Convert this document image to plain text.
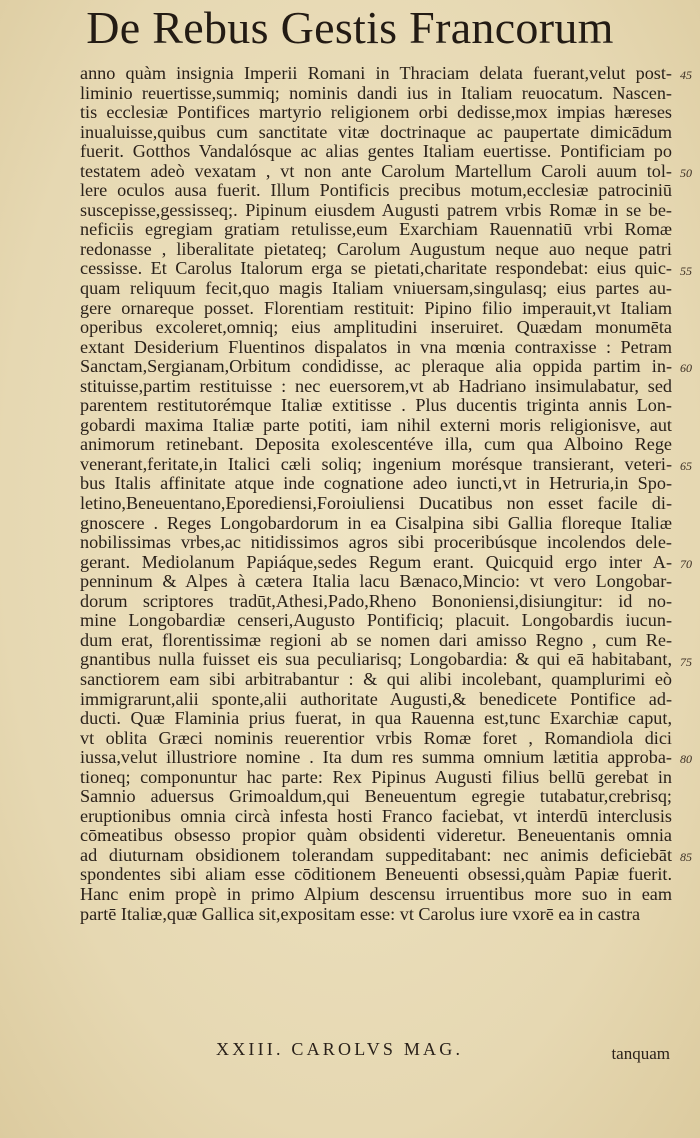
De Rebus Gestis Francorum
anno quàm insignia Imperii Romani in Thraciam delata fuerant,velut post-
liminio reuertisse,summiq; nominis dandi ius in Italiam reuocatum. Nascen-
tis ecclesiæ Pontifices martyrio religionem orbi dedisse,mox impias hæreses
inualuisse,quibus cum sanctitate vitæ doctrinaque ac paupertate dimicādum
fuerit. Gotthos Vandalósque ac alias gentes Italiam euertisse. Pontificiam po
testatem adeò vexatam , vt non ante Carolum Martellum Caroli auum tol-
lere oculos ausa fuerit. Illum Pontificis precibus motum,ecclesiæ patrociniū
suscepisse,gessisseq;. Pipinum eiusdem Augusti patrem vrbis Romæ in se be-
neficiis egregiam gratiam retulisse,eum Exarchiam Rauennatiū vrbi Romæ
redonasse , liberalitate pietateq; Carolum Augustum neque auo neque patri
cessisse. Et Carolus Italorum erga se pietati,charitate respondebat: eius quic-
quam reliquum fecit,quo magis Italiam vniuersam,singulasq; eius partes au-
gere ornareque posset. Florentiam restituit: Pipino filio imperauit,vt Italiam
operibus excoleret,omniq; eius amplitudini inseruiret. Quædam monumēta
extant Desiderium Fluentinos dispalatos in vna mœnia contraxisse : Petram
Sanctam,Sergianam,Orbitum condidisse, ac pleraque alia oppida partim in-
stituisse,partim restituisse : nec euersorem,vt ab Hadriano insimulabatur, sed
parentem restitutorémque Italiæ extitisse . Plus ducentis triginta annis Lon-
gobardi maxima Italiæ parte potiti, iam nihil externi moris religionisve, aut
animorum retinebant. Deposita exolescentéve illa, cum qua Alboino Rege
venerant,feritate,in Italici cæli soliq; ingenium morésque transierant, veteri-
bus Italis affinitate atque inde cognatione adeo iuncti,vt in Hetruria,in Spo-
letino,Beneuentano,Eporediensi,Foroiuliensi Ducatibus non esset facile di-
gnoscere . Reges Longobardorum in ea Cisalpina sibi Gallia floreque Italiæ
nobilissimas vrbes,ac nitidissimos agros sibi proceribúsque incolendos dele-
gerant. Mediolanum Papiáque,sedes Regum erant. Quicquid ergo inter A-
penninum & Alpes à cætera Italia lacu Bænaco,Mincio: vt vero Longobar-
dorum scriptores tradūt,Athesi,Pado,Rheno Bononiensi,disiungitur: id no-
mine Longobardiæ censeri,Augusto Pontificiq; placuit. Longobardis iucun-
dum erat, florentissimæ regioni ab se nomen dari amisso Regno , cum Re-
gnantibus nulla fuisset eis sua peculiarisq; Longobardia: & qui eā habitabant,
sanctiorem eam sibi arbitrabantur : & qui alibi incolebant, quamplurimi eò
immigrarunt,alii sponte,alii authoritate Augusti,& benedicete Pontifice ad-
ducti. Quæ Flaminia prius fuerat, in qua Rauenna est,tunc Exarchiæ caput,
vt oblita Græci nominis reuerentior vrbis Romæ foret , Romandiola dici
iussa,velut illustriore nomine . Ita dum res summa omnium lætitia approba-
tioneq; componuntur hac parte: Rex Pipinus Augusti filius bellū gerebat in
Samnio aduersus Grimoaldum,qui Beneuentum egregie tutabatur,crebrisq;
eruptionibus omnia circà infesta hosti Franco faciebat, vt interdū interclusis
cōmeatibus obsesso propior quàm obsidenti videretur. Beneuentanis omnia
ad diuturnam obsidionem tolerandam suppeditabant: nec animis deficiebāt
spondentes sibi aliam esse cōditionem Beneuenti obsessi,quàm Papiæ fuerit.
Hanc enim propè in primo Alpium descensu irruentibus more suo in eam
partē Italiæ,quæ Gallica sit,expositam esse: vt Carolus iure vxorē ea in castra
45
50
55
60
65
70
75
80
85
XXIII. CAROLVS MAG.	tanquam
